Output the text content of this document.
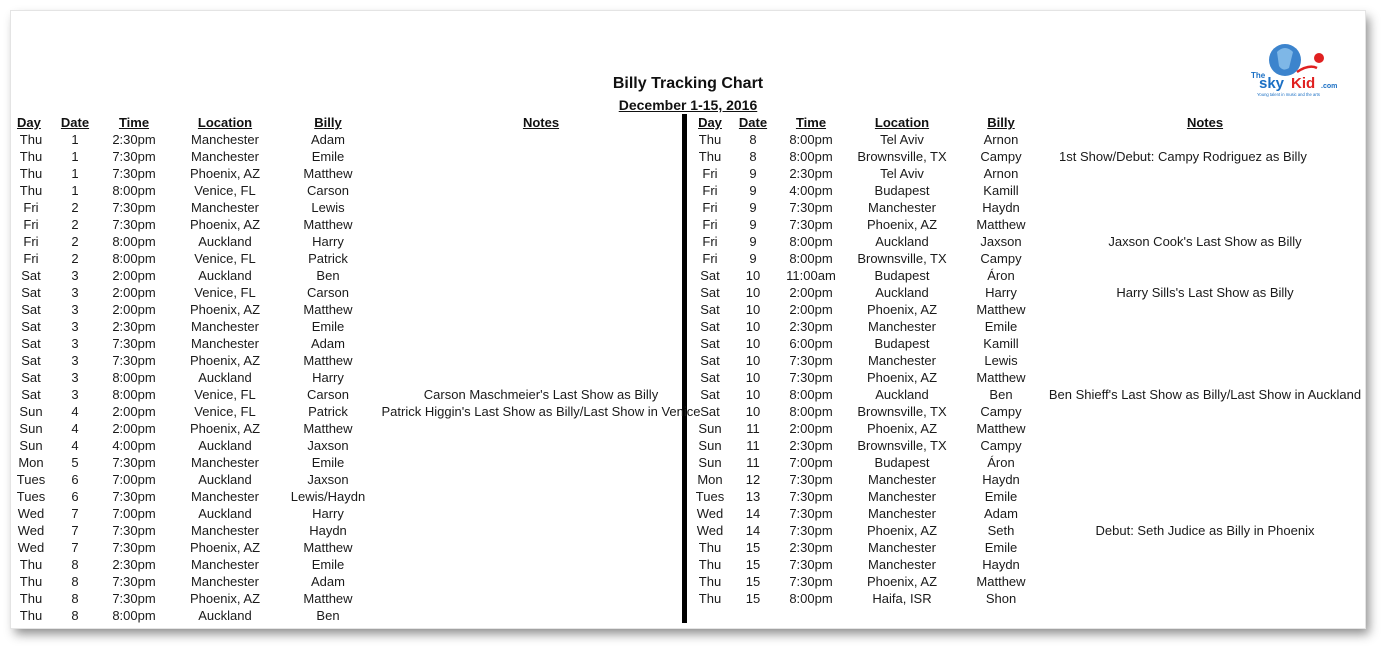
Billy Tracking Chart
December 1-15, 2016
The
sky Kid .com
Young talent in music and the arts
Day	Date	Time	Location	Billy	Notes
Thu	1	2:30pm	Manchester	Adam	
Thu	1	7:30pm	Manchester	Emile	
Thu	1	7:30pm	Phoenix, AZ	Matthew	
Thu	1	8:00pm	Venice, FL	Carson	
Fri	2	7:30pm	Manchester	Lewis	
Fri	2	7:30pm	Phoenix, AZ	Matthew	
Fri	2	8:00pm	Auckland	Harry	
Fri	2	8:00pm	Venice, FL	Patrick	
Sat	3	2:00pm	Auckland	Ben	
Sat	3	2:00pm	Venice, FL	Carson	
Sat	3	2:00pm	Phoenix, AZ	Matthew	
Sat	3	2:30pm	Manchester	Emile	
Sat	3	7:30pm	Manchester	Adam	
Sat	3	7:30pm	Phoenix, AZ	Matthew	
Sat	3	8:00pm	Auckland	Harry	
Sat	3	8:00pm	Venice, FL	Carson	Carson Maschmeier's Last Show as Billy
Sun	4	2:00pm	Venice, FL	Patrick	Patrick Higgin's Last Show as Billy/Last Show in Venice
Sun	4	2:00pm	Phoenix, AZ	Matthew	
Sun	4	4:00pm	Auckland	Jaxson	
Mon	5	7:30pm	Manchester	Emile	
Tues	6	7:00pm	Auckland	Jaxson	
Tues	6	7:30pm	Manchester	Lewis/Haydn	
Wed	7	7:00pm	Auckland	Harry	
Wed	7	7:30pm	Manchester	Haydn	
Wed	7	7:30pm	Phoenix, AZ	Matthew	
Thu	8	2:30pm	Manchester	Emile	
Thu	8	7:30pm	Manchester	Adam	
Thu	8	7:30pm	Phoenix, AZ	Matthew	
Thu	8	8:00pm	Auckland	Ben	
Day	Date	Time	Location	Billy	Notes
Thu	8	8:00pm	Tel Aviv	Arnon	
Thu	8	8:00pm	Brownsville, TX	Campy	1st Show/Debut: Campy Rodriguez as Billy
Fri	9	2:30pm	Tel Aviv	Arnon	
Fri	9	4:00pm	Budapest	Kamill	
Fri	9	7:30pm	Manchester	Haydn	
Fri	9	7:30pm	Phoenix, AZ	Matthew	
Fri	9	8:00pm	Auckland	Jaxson	Jaxson Cook's Last Show as Billy
Fri	9	8:00pm	Brownsville, TX	Campy	
Sat	10	11:00am	Budapest	Áron	
Sat	10	2:00pm	Auckland	Harry	Harry Sills's Last Show as Billy
Sat	10	2:00pm	Phoenix, AZ	Matthew	
Sat	10	2:30pm	Manchester	Emile	
Sat	10	6:00pm	Budapest	Kamill	
Sat	10	7:30pm	Manchester	Lewis	
Sat	10	7:30pm	Phoenix, AZ	Matthew	
Sat	10	8:00pm	Auckland	Ben	Ben Shieff's Last Show as Billy/Last Show in Auckland
Sat	10	8:00pm	Brownsville, TX	Campy	
Sun	11	2:00pm	Phoenix, AZ	Matthew	
Sun	11	2:30pm	Brownsville, TX	Campy	
Sun	11	7:00pm	Budapest	Áron	
Mon	12	7:30pm	Manchester	Haydn	
Tues	13	7:30pm	Manchester	Emile	
Wed	14	7:30pm	Manchester	Adam	
Wed	14	7:30pm	Phoenix, AZ	Seth	Debut: Seth Judice as Billy in Phoenix
Thu	15	2:30pm	Manchester	Emile	
Thu	15	7:30pm	Manchester	Haydn	
Thu	15	7:30pm	Phoenix, AZ	Matthew	
Thu	15	8:00pm	Haifa, ISR	Shon	
